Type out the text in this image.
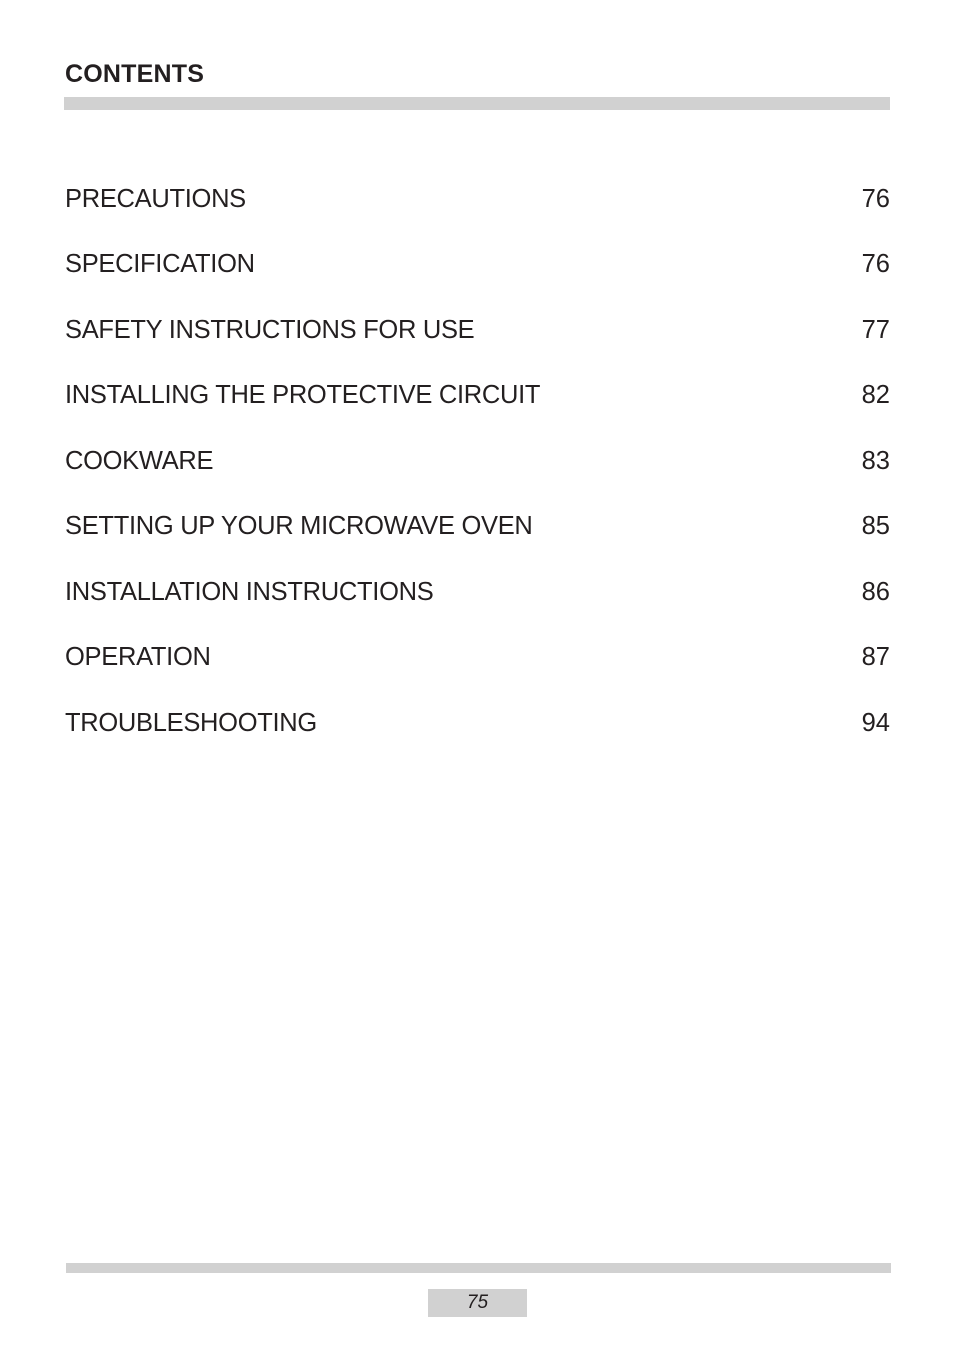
CONTENTS
PRECAUTIONS	76
SPECIFICATION	76
SAFETY INSTRUCTIONS FOR USE	77
INSTALLING THE PROTECTIVE CIRCUIT	82
COOKWARE	83
SETTING UP YOUR MICROWAVE OVEN	85
INSTALLATION INSTRUCTIONS	86
OPERATION	87
TROUBLESHOOTING	94
75
